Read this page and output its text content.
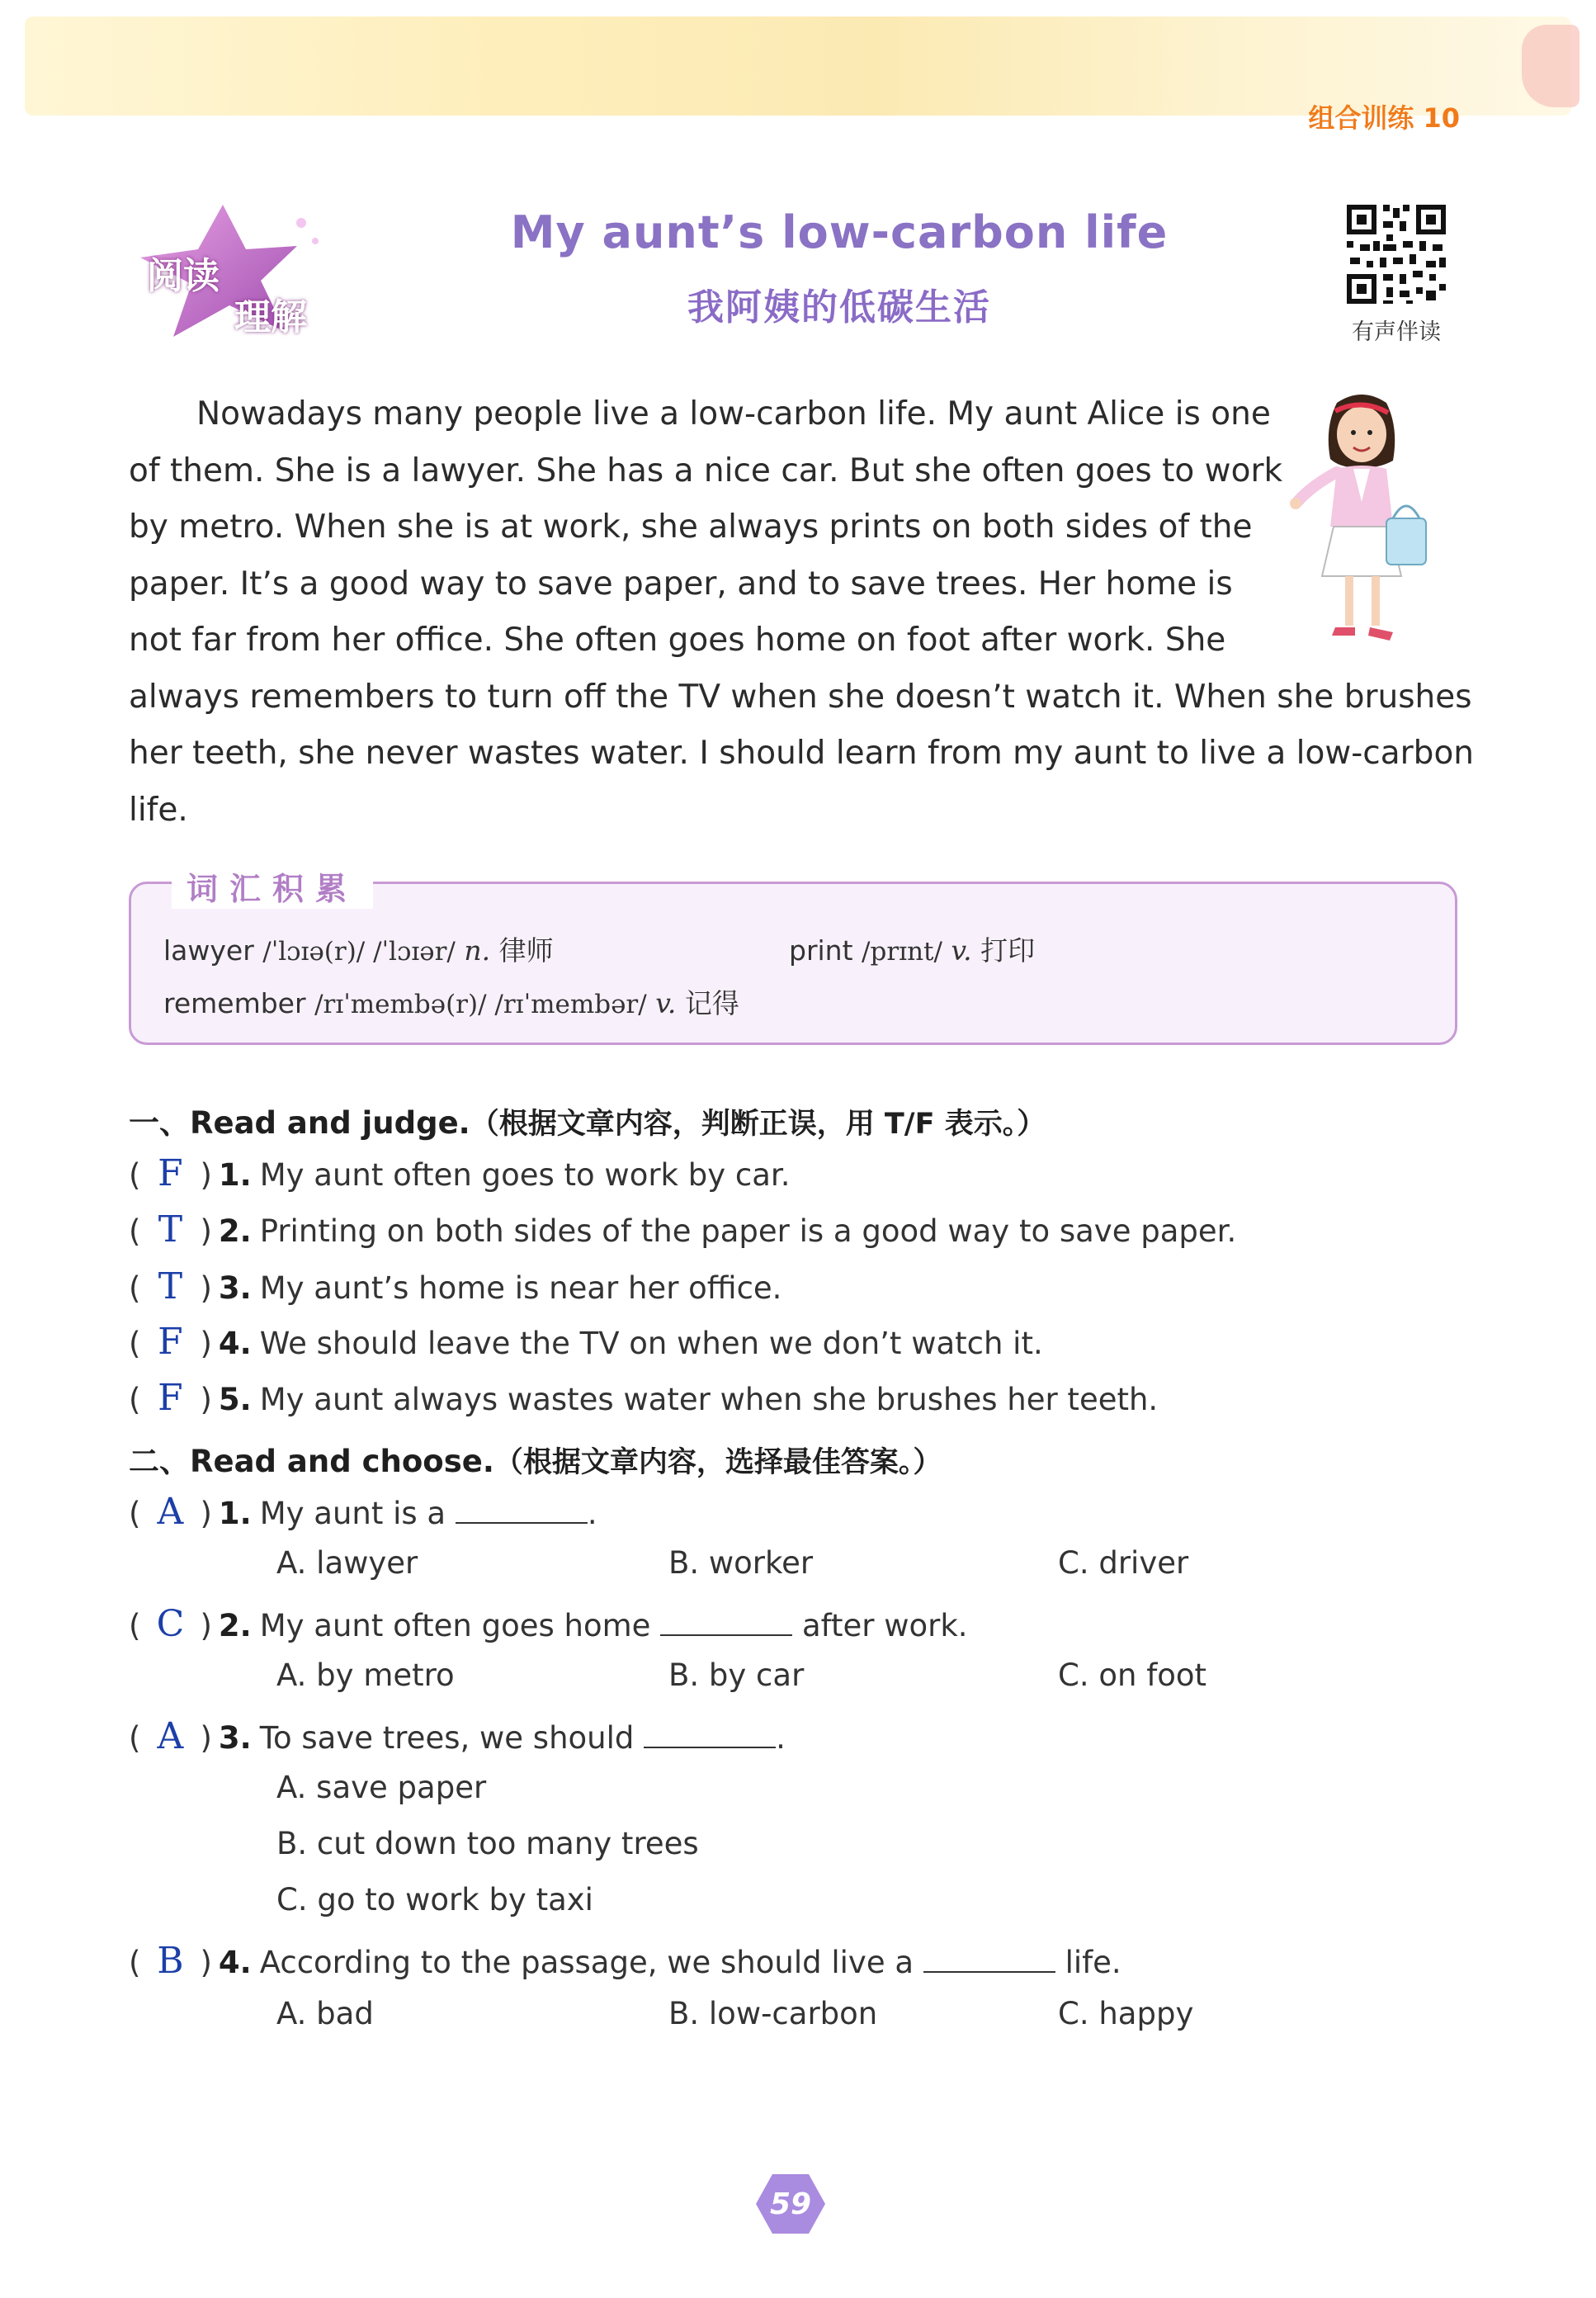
组合训练 10
阅读
理解
My aunt’s low-carbon life
我阿姨的低碳生活
有声伴读
Nowadays many people live a low-carbon life. My aunt Alice is one
of them. She is a lawyer. She has a nice car. But she often goes to work
by metro. When she is at work, she always prints on both sides of the
paper. It’s a good way to save paper, and to save trees. Her home is
not far from her office. She often goes home on foot after work. She
always remembers to turn off the TV when she doesn’t watch it. When she brushes
her teeth, she never wastes water. I should learn from my aunt to live a low-carbon
life.
词汇积累
lawyer /ˈlɔɪə(r)/ /ˈlɔɪər/ n. 律师	print /prɪnt/ v. 打印
remember /rɪˈmembə(r)/ /rɪˈmembər/ v. 记得
一、Read and judge.（根据文章内容，判断正误，用 T/F 表示。）
( F ) 1. My aunt often goes to work by car.
( T ) 2. Printing on both sides of the paper is a good way to save paper.
( T ) 3. My aunt’s home is near her office.
( F ) 4. We should leave the TV on when we don’t watch it.
( F ) 5. My aunt always wastes water when she brushes her teeth.
二、Read and choose.（根据文章内容，选择最佳答案。）
( A ) 1. My aunt is a	.
A. lawyer	B. worker	C. driver
( C ) 2. My aunt often goes home	after work.
A. by metro	B. by car	C. on foot
( A ) 3. To save trees, we should	.
A. save paper
B. cut down too many trees
C. go to work by taxi
( B ) 4. According to the passage, we should live a	life.
A. bad	B. low-carbon	C. happy
59
